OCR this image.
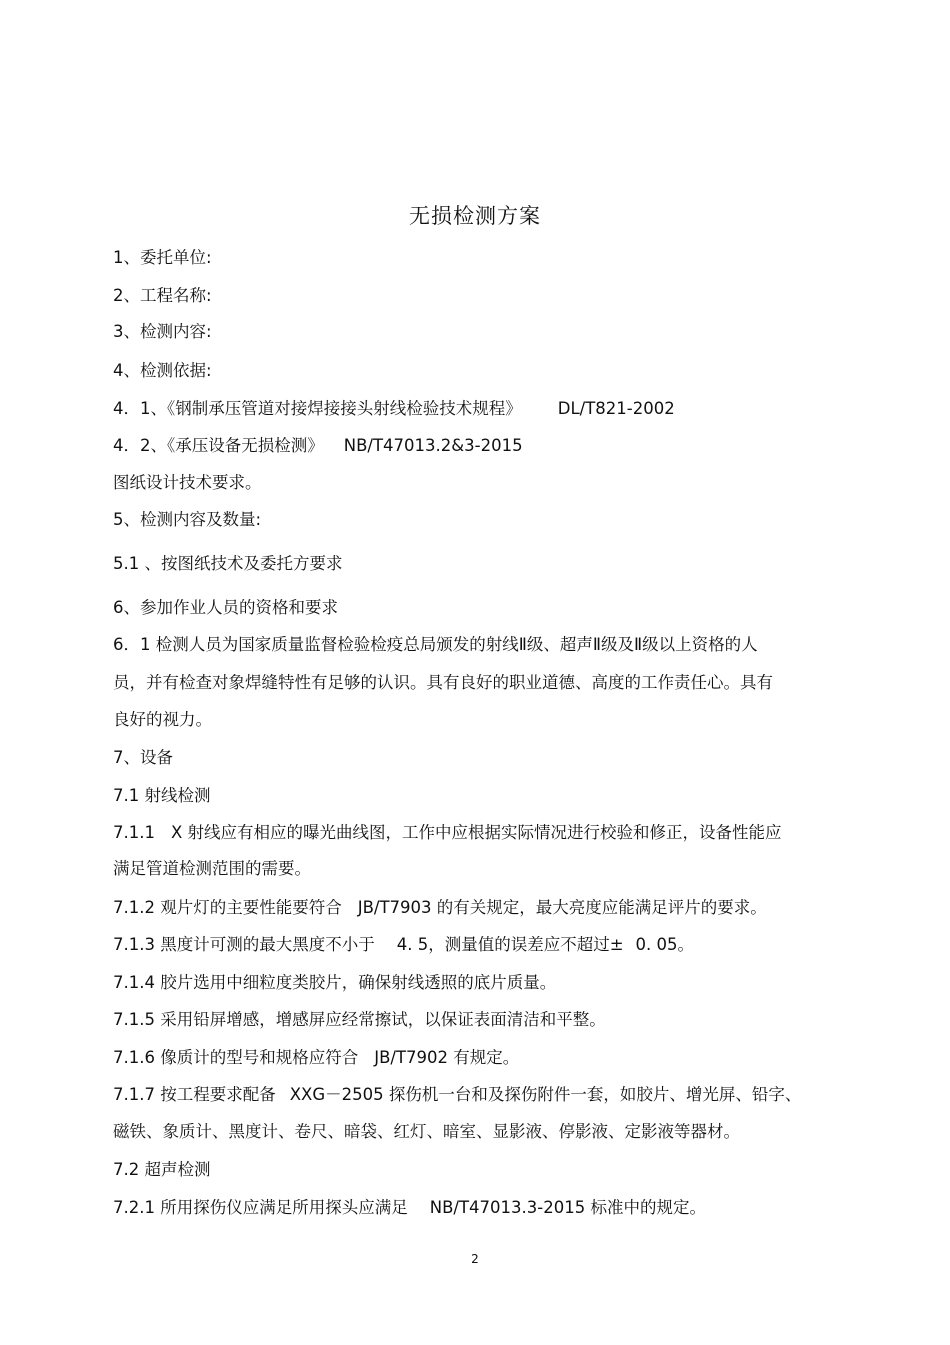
无损检测方案
1、委托单位:
2、工程名称:
3、检测内容:
4、检测依据:
4．1、《钢制承压管道对接焊接接头射线检验技术规程》 DL/T821-2002
4．2、《承压设备无损检测》 NB/T47013.2&3-2015
图纸设计技术要求。
5、检测内容及数量:
5.1 、按图纸技术及委托方要求
6、参加作业人员的资格和要求
6．1 检测人员为国家质量监督检验检疫总局颁发的射线Ⅱ级、超声Ⅱ级及Ⅱ级以上资格的人
员，并有检查对象焊缝特性有足够的认识。具有良好的职业道德、高度的工作责任心。具有
良好的视力。
7、设备
7.1 射线检测
7.1.1 X 射线应有相应的曝光曲线图，工作中应根据实际情况进行校验和修正，设备性能应
满足管道检测范围的需要。
7.1.2 观片灯的主要性能要符合 JB/T7903 的有关规定，最大亮度应能满足评片的要求。
7.1.3 黑度计可测的最大黑度不小于 4. 5，测量值的误差应不超过± 0. 05。
7.1.4 胶片选用中细粒度类胶片，确保射线透照的底片质量。
7.1.5 采用铅屏增感，增感屏应经常擦试，以保证表面清洁和平整。
7.1.6 像质计的型号和规格应符合 JB/T7902 有规定。
7.1.7 按工程要求配备 XXG－2505 探伤机一台和及探伤附件一套，如胶片、增光屏、铅字、
磁铁、象质计、黑度计、卷尺、暗袋、红灯、暗室、显影液、停影液、定影液等器材。
7.2 超声检测
7.2.1 所用探伤仪应满足所用探头应满足 NB/T47013.3-2015 标准中的规定。
2
